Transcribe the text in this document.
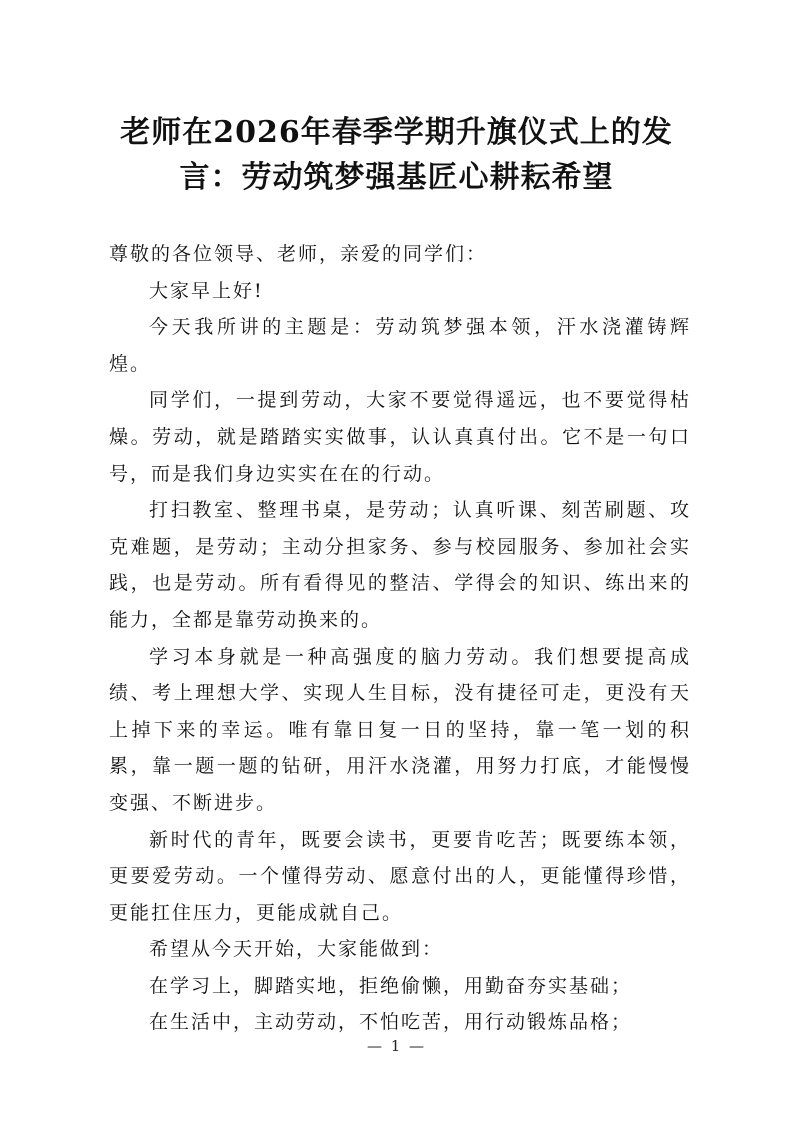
老师在2026年春季学期升旗仪式上的发
言：劳动筑梦强基匠心耕耘希望

尊敬的各位领导、老师，亲爱的同学们：

大家早上好!

今天我所讲的主题是：劳动筑梦强本领，汗水浇灌铸辉煌。

同学们，一提到劳动，大家不要觉得遥远，也不要觉得枯燥。劳动，就是踏踏实实做事，认认真真付出。它不是一句口号，而是我们身边实实在在的行动。

打扫教室、整理书桌，是劳动；认真听课、刻苦刷题、攻克难题，是劳动；主动分担家务、参与校园服务、参加社会实践，也是劳动。所有看得见的整洁、学得会的知识、练出来的能力，全都是靠劳动换来的。

学习本身就是一种高强度的脑力劳动。我们想要提高成绩、考上理想大学、实现人生目标，没有捷径可走，更没有天上掉下来的幸运。唯有靠日复一日的坚持，靠一笔一划的积累，靠一题一题的钻研，用汗水浇灌，用努力打底，才能慢慢变强、不断进步。

新时代的青年，既要会读书，更要肯吃苦；既要练本领，更要爱劳动。一个懂得劳动、愿意付出的人，更能懂得珍惜，更能扛住压力，更能成就自己。

希望从今天开始，大家能做到：

在学习上，脚踏实地，拒绝偷懒，用勤奋夯实基础；

在生活中，主动劳动，不怕吃苦，用行动锻炼品格；

— 1 —
